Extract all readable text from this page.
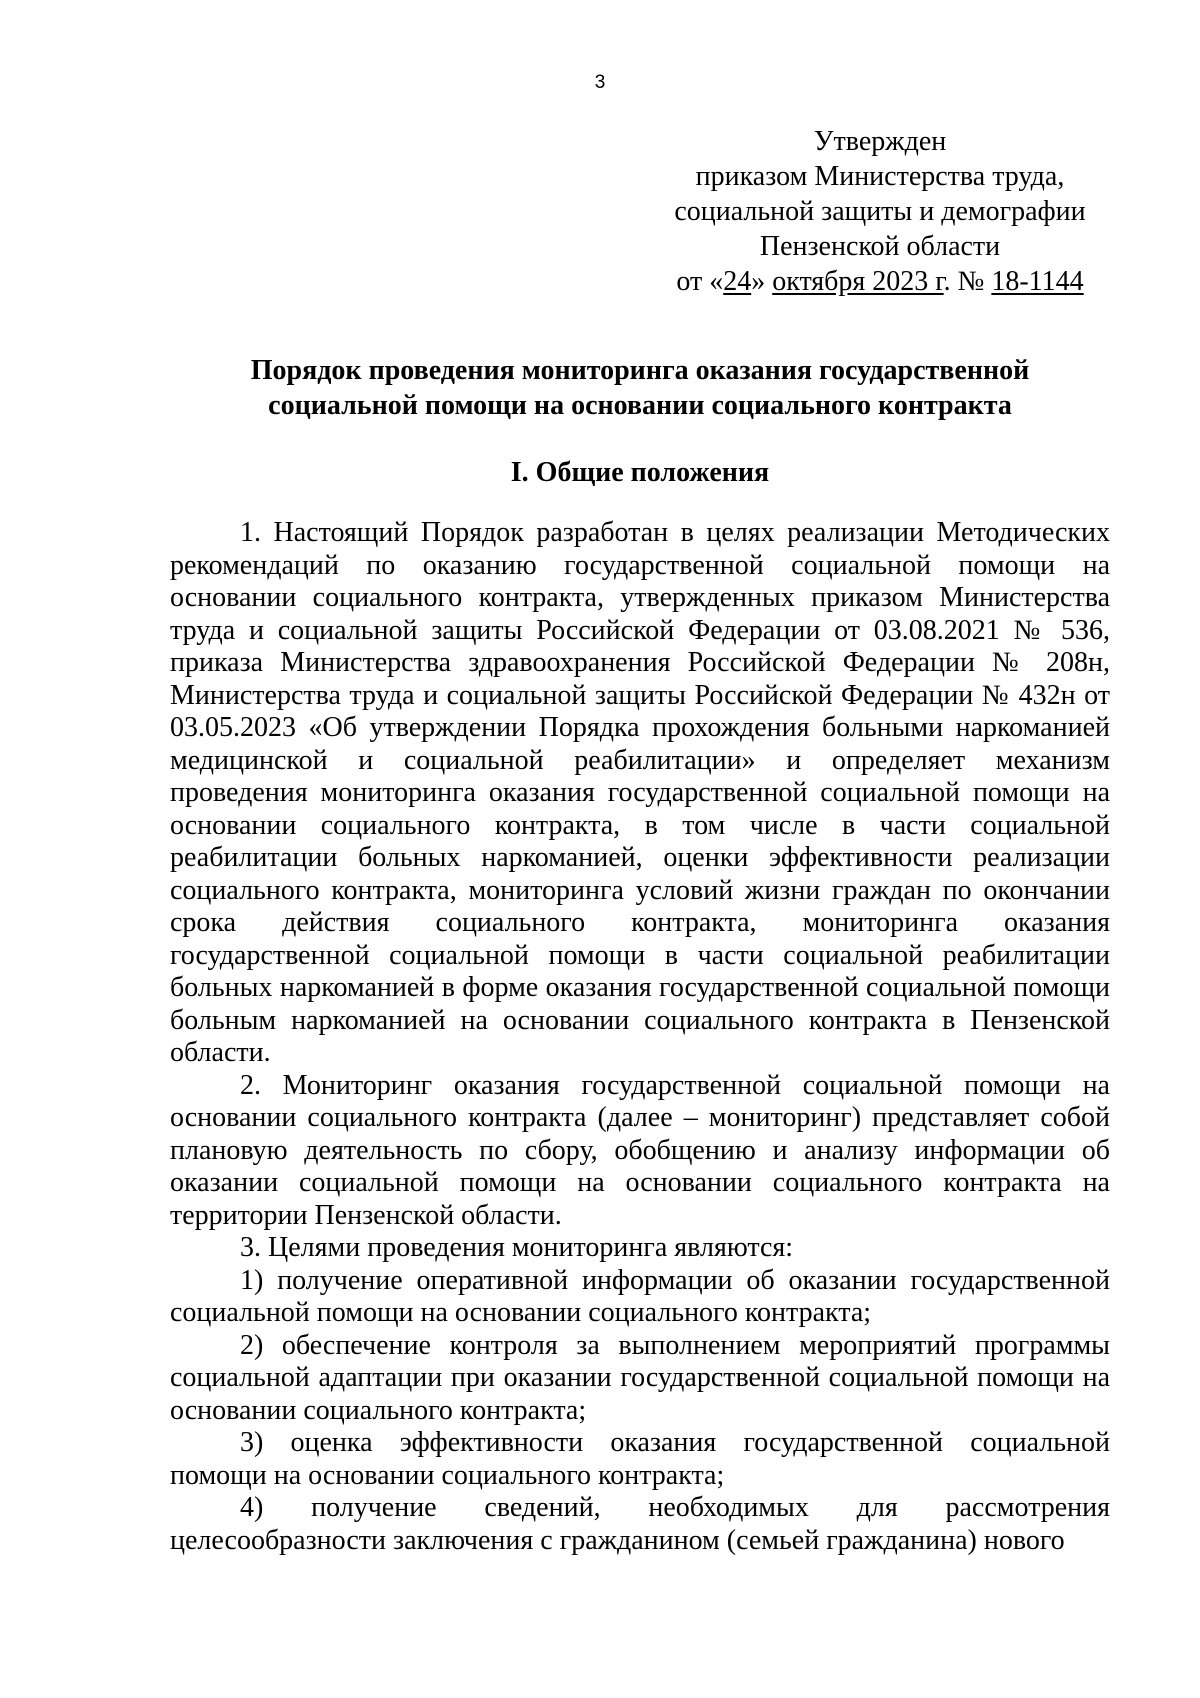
3
Утвержден
приказом Министерства труда,
социальной защиты и демографии
Пензенской области
от «24» октября 2023 г. № 18-1144
Порядок проведения мониторинга оказания государственной
социальной помощи на основании социального контракта
I. Общие положения

1. Настоящий Порядок разработан в целях реализации Методических рекомендаций по оказанию государственной социальной помощи на основании социального контракта, утвержденных приказом Министерства труда и социальной защиты Российской Федерации от 03.08.2021 № 536, приказа Министерства здравоохранения Российской Федерации № 208н, Министерства труда и социальной защиты Российской Федерации № 432н от 03.05.2023 «Об утверждении Порядка прохождения больными наркоманией медицинской и социальной реабилитации» и определяет механизм проведения мониторинга оказания государственной социальной помощи на основании социального контракта, в том числе в части социальной реабилитации больных наркоманией, оценки эффективности реализации социального контракта, мониторинга условий жизни граждан по окончании срока действия социального контракта, мониторинга оказания государственной социальной помощи в части социальной реабилитации больных наркоманией в форме оказания государственной социальной помощи больным наркоманией на основании социального контракта в Пензенской области.

2. Мониторинг оказания государственной социальной помощи на основании социального контракта (далее – мониторинг) представляет собой плановую деятельность по сбору, обобщению и анализу информации об оказании социальной помощи на основании социального контракта на территории Пензенской области.

3. Целями проведения мониторинга являются:

1) получение оперативной информации об оказании государственной социальной помощи на основании социального контракта;

2) обеспечение контроля за выполнением мероприятий программы социальной адаптации при оказании государственной социальной помощи на основании социального контракта;

3) оценка эффективности оказания государственной социальной помощи на основании социального контракта;

4) получение сведений, необходимых для рассмотрения целесообразности заключения с гражданином (семьей гражданина) нового
